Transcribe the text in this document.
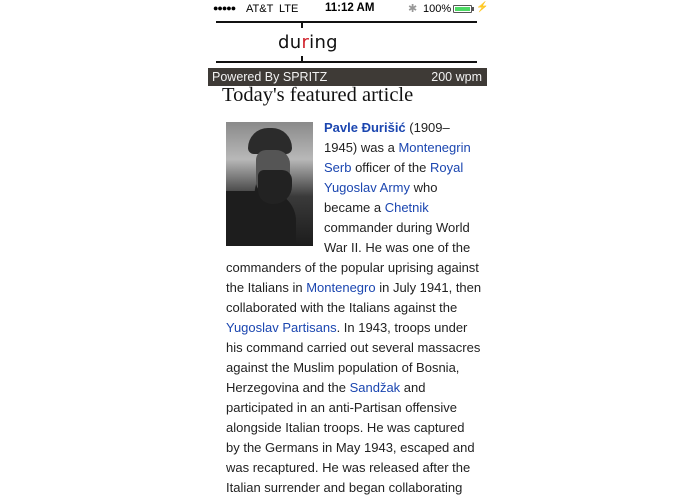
●●●●● AT&T LTE 11:12 AM	✱ 100% ⚡
during
Powered By SPRITZ	200 wpm
Today's featured article
Pavle Đurišić (1909–
1945) was a Montenegrin
Serb officer of the Royal
Yugoslav Army who
became a Chetnik
commander during World
War II. He was one of the
commanders of the popular uprising against
the Italians in Montenegro in July 1941, then
collaborated with the Italians against the
Yugoslav Partisans. In 1943, troops under
his command carried out several massacres
against the Muslim population of Bosnia,
Herzegovina and the Sandžak and
participated in an anti-Partisan offensive
alongside Italian troops. He was captured
by the Germans in May 1943, escaped and
was recaptured. He was released after the
Italian surrender and began collaborating
